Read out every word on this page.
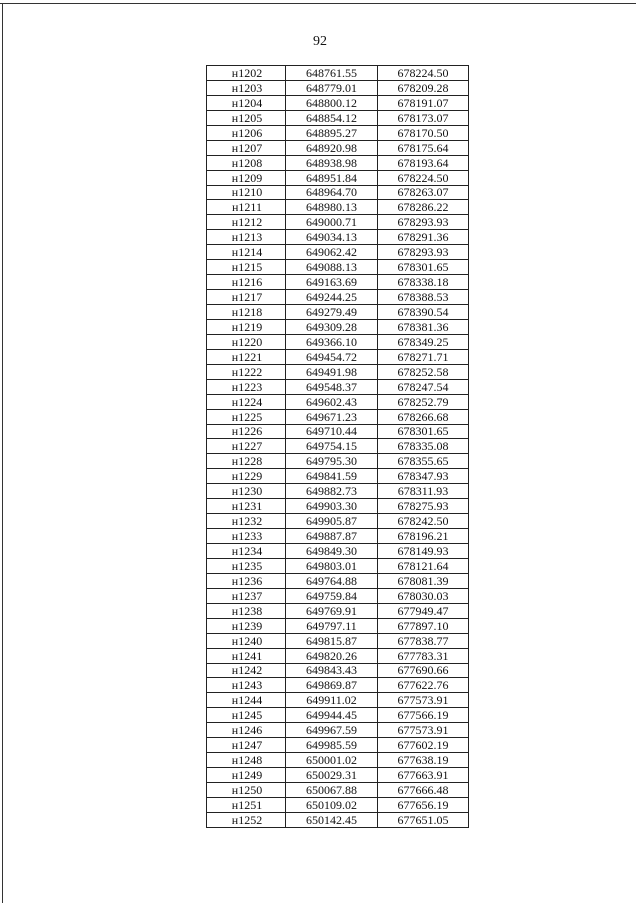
92
н1202	648761.55	678224.50
н1203	648779.01	678209.28
н1204	648800.12	678191.07
н1205	648854.12	678173.07
н1206	648895.27	678170.50
н1207	648920.98	678175.64
н1208	648938.98	678193.64
н1209	648951.84	678224.50
н1210	648964.70	678263.07
н1211	648980.13	678286.22
н1212	649000.71	678293.93
н1213	649034.13	678291.36
н1214	649062.42	678293.93
н1215	649088.13	678301.65
н1216	649163.69	678338.18
н1217	649244.25	678388.53
н1218	649279.49	678390.54
н1219	649309.28	678381.36
н1220	649366.10	678349.25
н1221	649454.72	678271.71
н1222	649491.98	678252.58
н1223	649548.37	678247.54
н1224	649602.43	678252.79
н1225	649671.23	678266.68
н1226	649710.44	678301.65
н1227	649754.15	678335.08
н1228	649795.30	678355.65
н1229	649841.59	678347.93
н1230	649882.73	678311.93
н1231	649903.30	678275.93
н1232	649905.87	678242.50
н1233	649887.87	678196.21
н1234	649849.30	678149.93
н1235	649803.01	678121.64
н1236	649764.88	678081.39
н1237	649759.84	678030.03
н1238	649769.91	677949.47
н1239	649797.11	677897.10
н1240	649815.87	677838.77
н1241	649820.26	677783.31
н1242	649843.43	677690.66
н1243	649869.87	677622.76
н1244	649911.02	677573.91
н1245	649944.45	677566.19
н1246	649967.59	677573.91
н1247	649985.59	677602.19
н1248	650001.02	677638.19
н1249	650029.31	677663.91
н1250	650067.88	677666.48
н1251	650109.02	677656.19
н1252	650142.45	677651.05
